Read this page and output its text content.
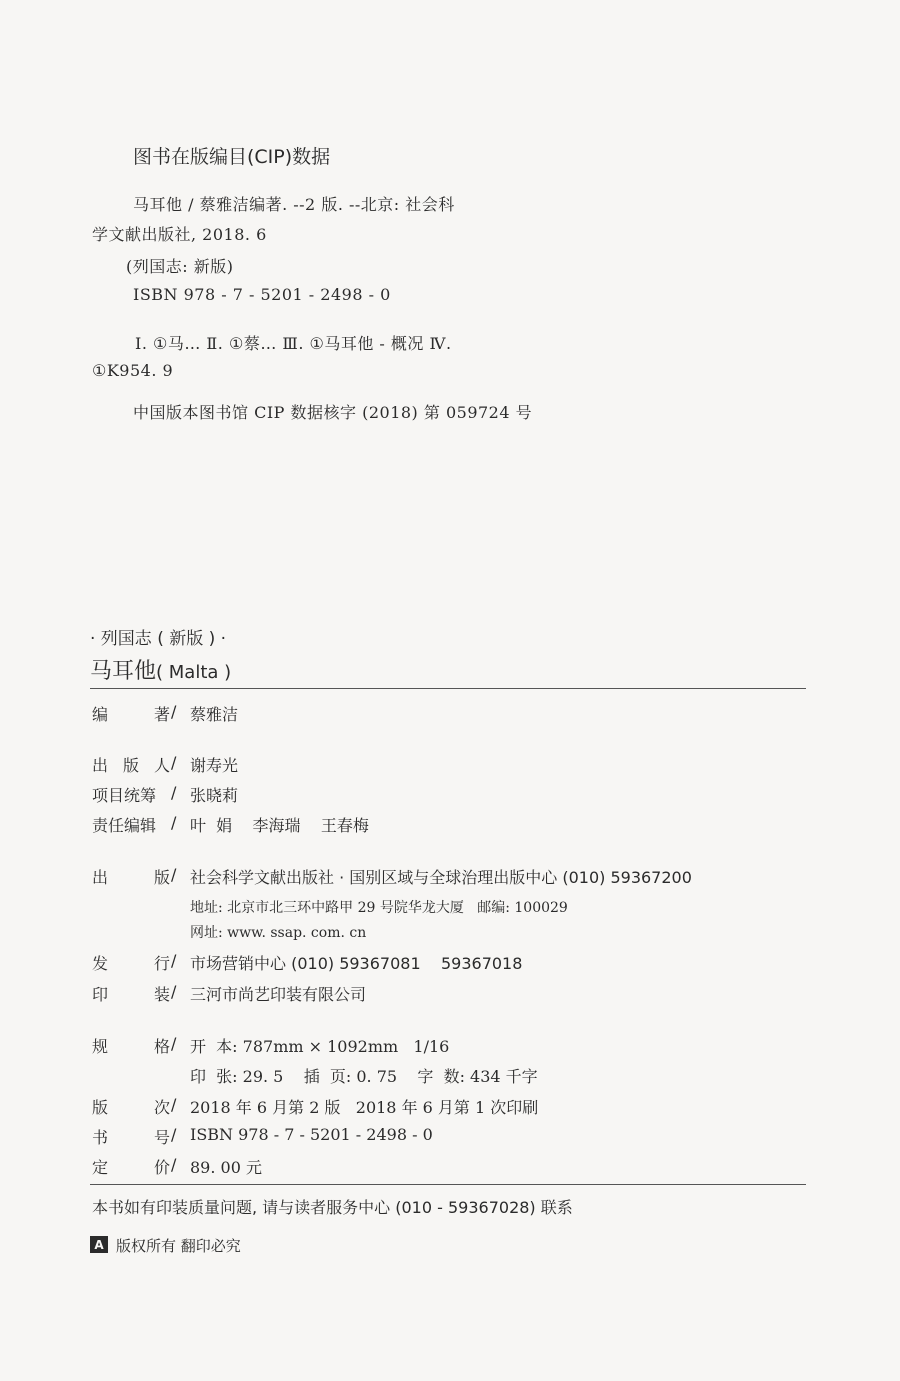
图书在版编目(CIP)数据
马耳他 / 蔡雅洁编著. --2 版. --北京: 社会科
学文献出版社, 2018. 6
(列国志: 新版)
ISBN 978 - 7 - 5201 - 2498 - 0
Ⅰ. ①马… Ⅱ. ①蔡… Ⅲ. ①马耳他 - 概况 Ⅳ.
①K954. 9
中国版本图书馆 CIP 数据核字 (2018) 第 059724 号
· 列国志 ( 新版 ) ·
马耳他( Malta )
编	著 / 蔡雅洁
出 版 人 / 谢寿光
项目统筹 / 张晓莉
责任编辑 / 叶  娟    李海瑞    王春梅
出	版 / 社会科学文献出版社 · 国别区域与全球治理出版中心 (010) 59367200
地址: 北京市北三环中路甲 29 号院华龙大厦   邮编: 100029
网址: www. ssap. com. cn
发	行 / 市场营销中心 (010) 59367081    59367018
印	装 / 三河市尚艺印装有限公司
规	格 / 开  本: 787mm × 1092mm   1/16
印  张: 29. 5    插  页: 0. 75    字  数: 434 千字
版	次 / 2018 年 6 月第 2 版   2018 年 6 月第 1 次印刷
书	号 / ISBN 978 - 7 - 5201 - 2498 - 0
定	价 / 89. 00 元
本书如有印装质量问题, 请与读者服务中心 (010 - 59367028) 联系
A 版权所有 翻印必究
